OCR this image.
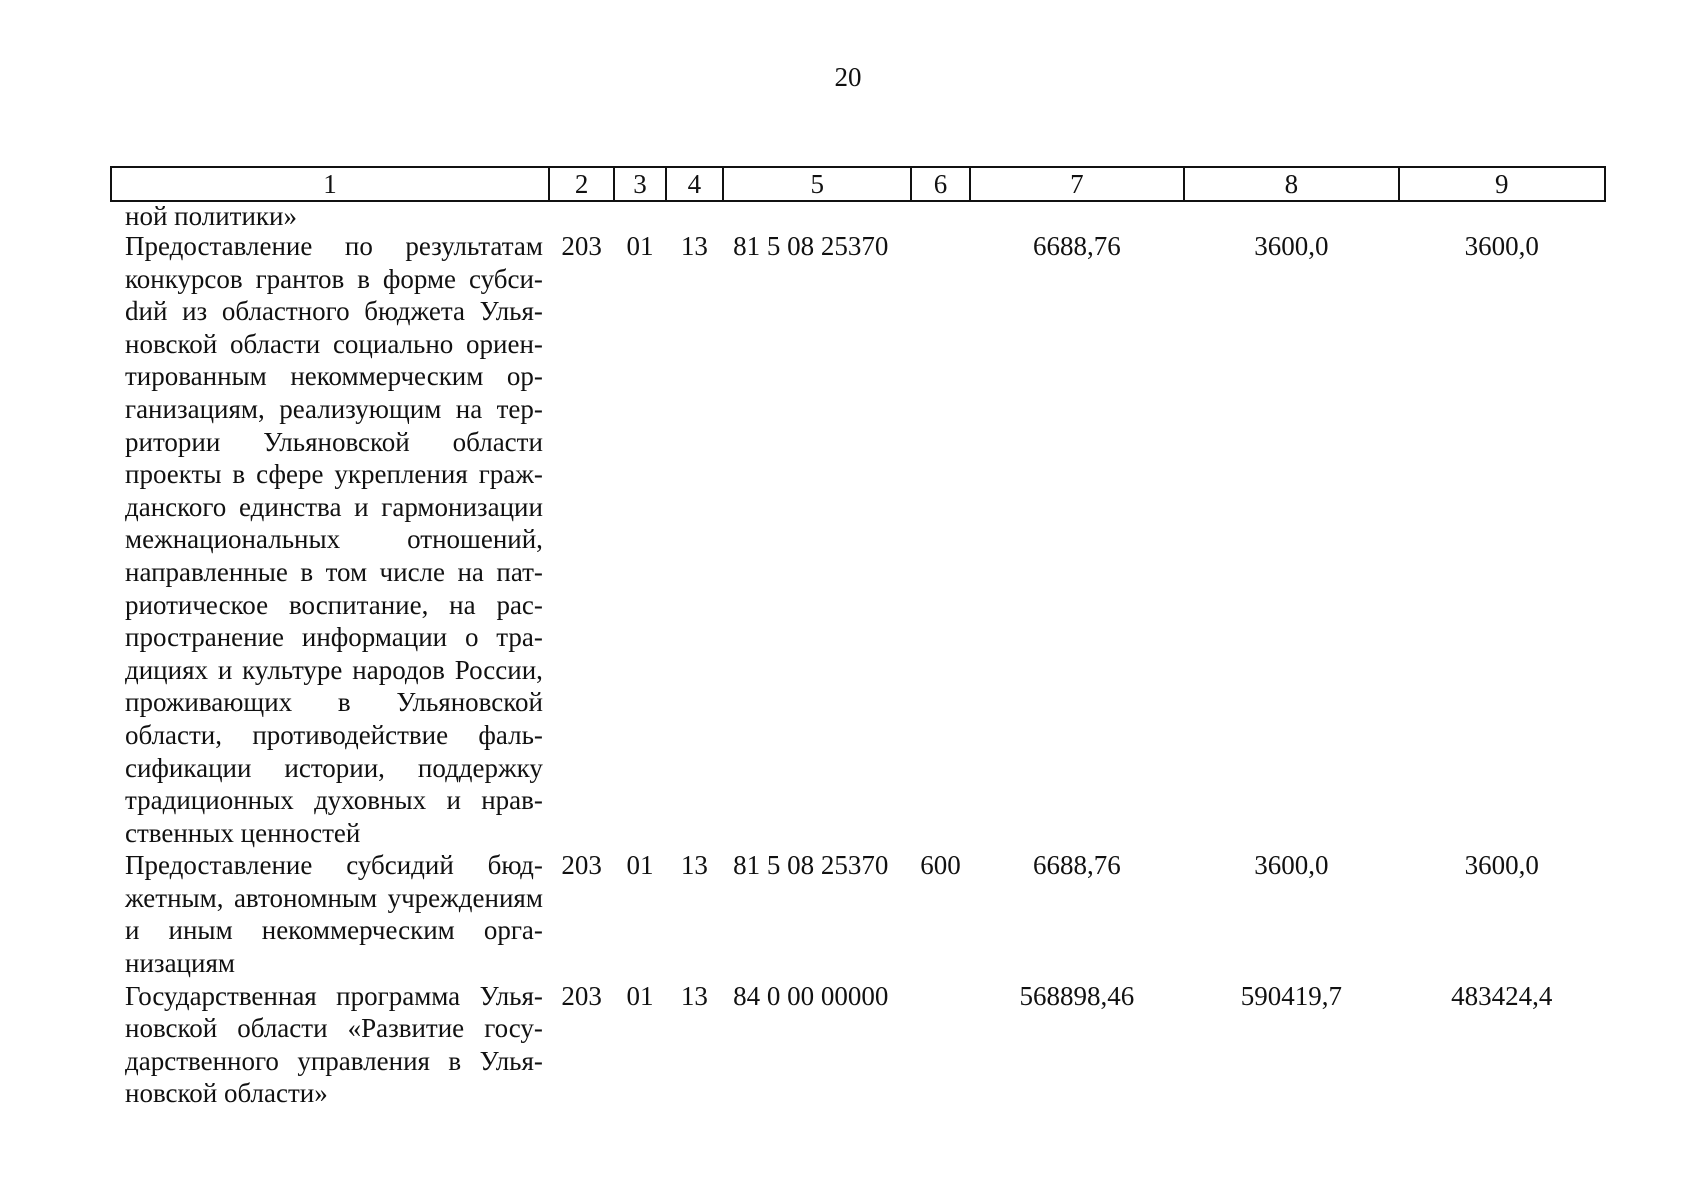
20
1	2	3	4	5	6	7	8	9
ной политики»								
Предоставление по результатам конкурсов грантов в форме субсиdий из областного бюджета Ульяновской области социально ориентированным некоммерческим организациям, реализующим на территории Ульяновской области проекты в сфере укрепления гражданского единства и гармонизации межнациональных отношений, направленные в том числе на патриотическое воспитание, на распространение информации о традициях и культуре народов России, проживающих в Ульяновской области, противодействие фальсификации истории, поддержку традиционных духовных и нравственных ценностей	203	01	13	81 5 08 25370		6688,76	3600,0	3600,0
Предоставление субсидий бюджетным, автономным учреждениям и иным некоммерческим организациям	203	01	13	81 5 08 25370	600	6688,76	3600,0	3600,0
Государственная программа Ульяновской области «Развитие государственного управления в Ульяновской области»	203	01	13	84 0 00 00000		568898,46	590419,7	483424,4
